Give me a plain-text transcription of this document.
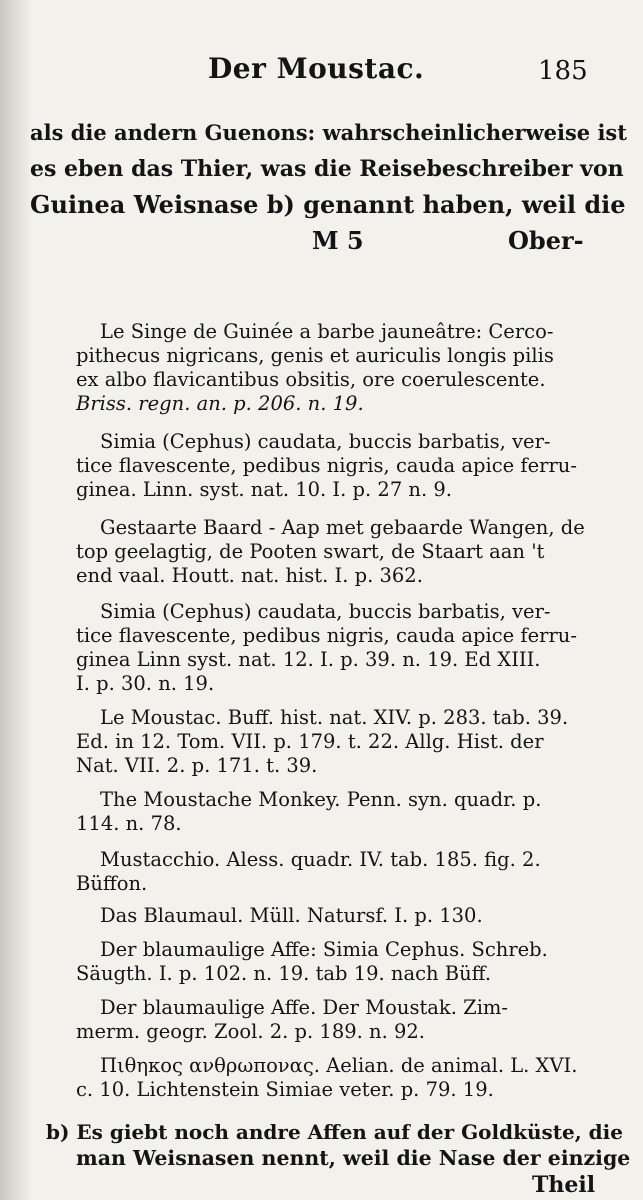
Der Moustac.	185
als die andern Guenons: wahrscheinlicherweise ist
es eben das Thier, was die Reisebeschreiber von
Guinea Weisnase b) genannt haben, weil die
M 5	Ober-
Le Singe de Guinée a barbe jauneâtre: Cerco-
pithecus nigricans, genis et auriculis longis pilis
ex albo flavicantibus obsitis, ore coerulescente.
Briss. regn. an. p. 206. n. 19.
Simia (Cephus) caudata, buccis barbatis, ver-
tice flavescente, pedibus nigris, cauda apice ferru-
ginea. Linn. syst. nat. 10. I. p. 27 n. 9.
Gestaarte Baard - Aap met gebaarde Wangen, de
top geelagtig, de Pooten swart, de Staart aan 't
end vaal. Houtt. nat. hist. I. p. 362.
Simia (Cephus) caudata, buccis barbatis, ver-
tice flavescente, pedibus nigris, cauda apice ferru-
ginea Linn syst. nat. 12. I. p. 39. n. 19. Ed XIII.
I. p. 30. n. 19.
Le Moustac. Buff. hist. nat. XIV. p. 283. tab. 39.
Ed. in 12. Tom. VII. p. 179. t. 22. Allg. Hist. der
Nat. VII. 2. p. 171. t. 39.
The Moustache Monkey. Penn. syn. quadr. p.
114. n. 78.
Mustacchio. Aless. quadr. IV. tab. 185. fig. 2.
Büffon.
Das Blaumaul. Müll. Natursf. I. p. 130.
Der blaumaulige Affe: Simia Cephus. Schreb.
Säugth. I. p. 102. n. 19. tab 19. nach Büff.
Der blaumaulige Affe. Der Moustak. Zim-
merm. geogr. Zool. 2. p. 189. n. 92.
Πιθηκος ανθρωπονας. Aelian. de animal. L. XVI.
c. 10. Lichtenstein Simiae veter. p. 79. 19.
b) Es giebt noch andre Affen auf der Goldküste, die
man Weisnasen nennt, weil die Nase der einzige
Theil
